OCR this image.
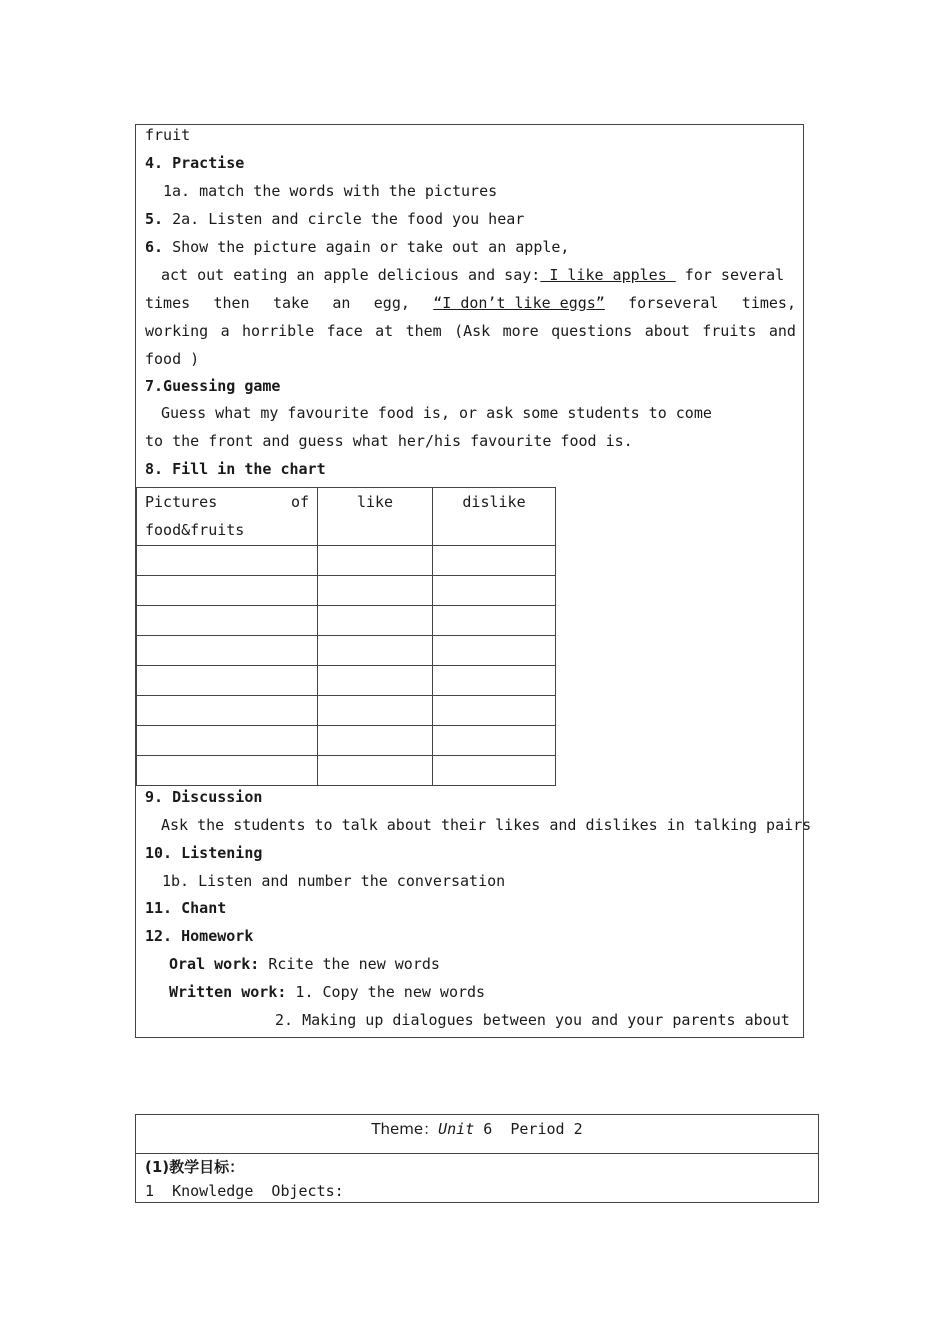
fruit
4. Practise
1a. match the words with the pictures
5. 2a. Listen and circle the food you hear
6. Show the picture again or take out an apple,
act out eating an apple delicious and say: I like apples  for several
times then take an egg, “I don’t like eggs” forseveral times,
working a horrible face at them (Ask more questions about fruits and
food )
7.Guessing game
Guess what my favourite food is, or ask some students to come
to the front and guess what her/his favourite food is.
8. Fill in the chart
Pictures of
food&fruits	like	dislike

9. Discussion
Ask the students to talk about their likes and dislikes in talking pairs
10. Listening
1b. Listen and number the conversation
11. Chant
12. Homework
Oral work: Rcite the new words
Written work: 1. Copy the new words
2. Making up dialogues between you and your parents about
Theme：Unit 6  Period 2
(1)教学目标：
1  Knowledge  Objects:
